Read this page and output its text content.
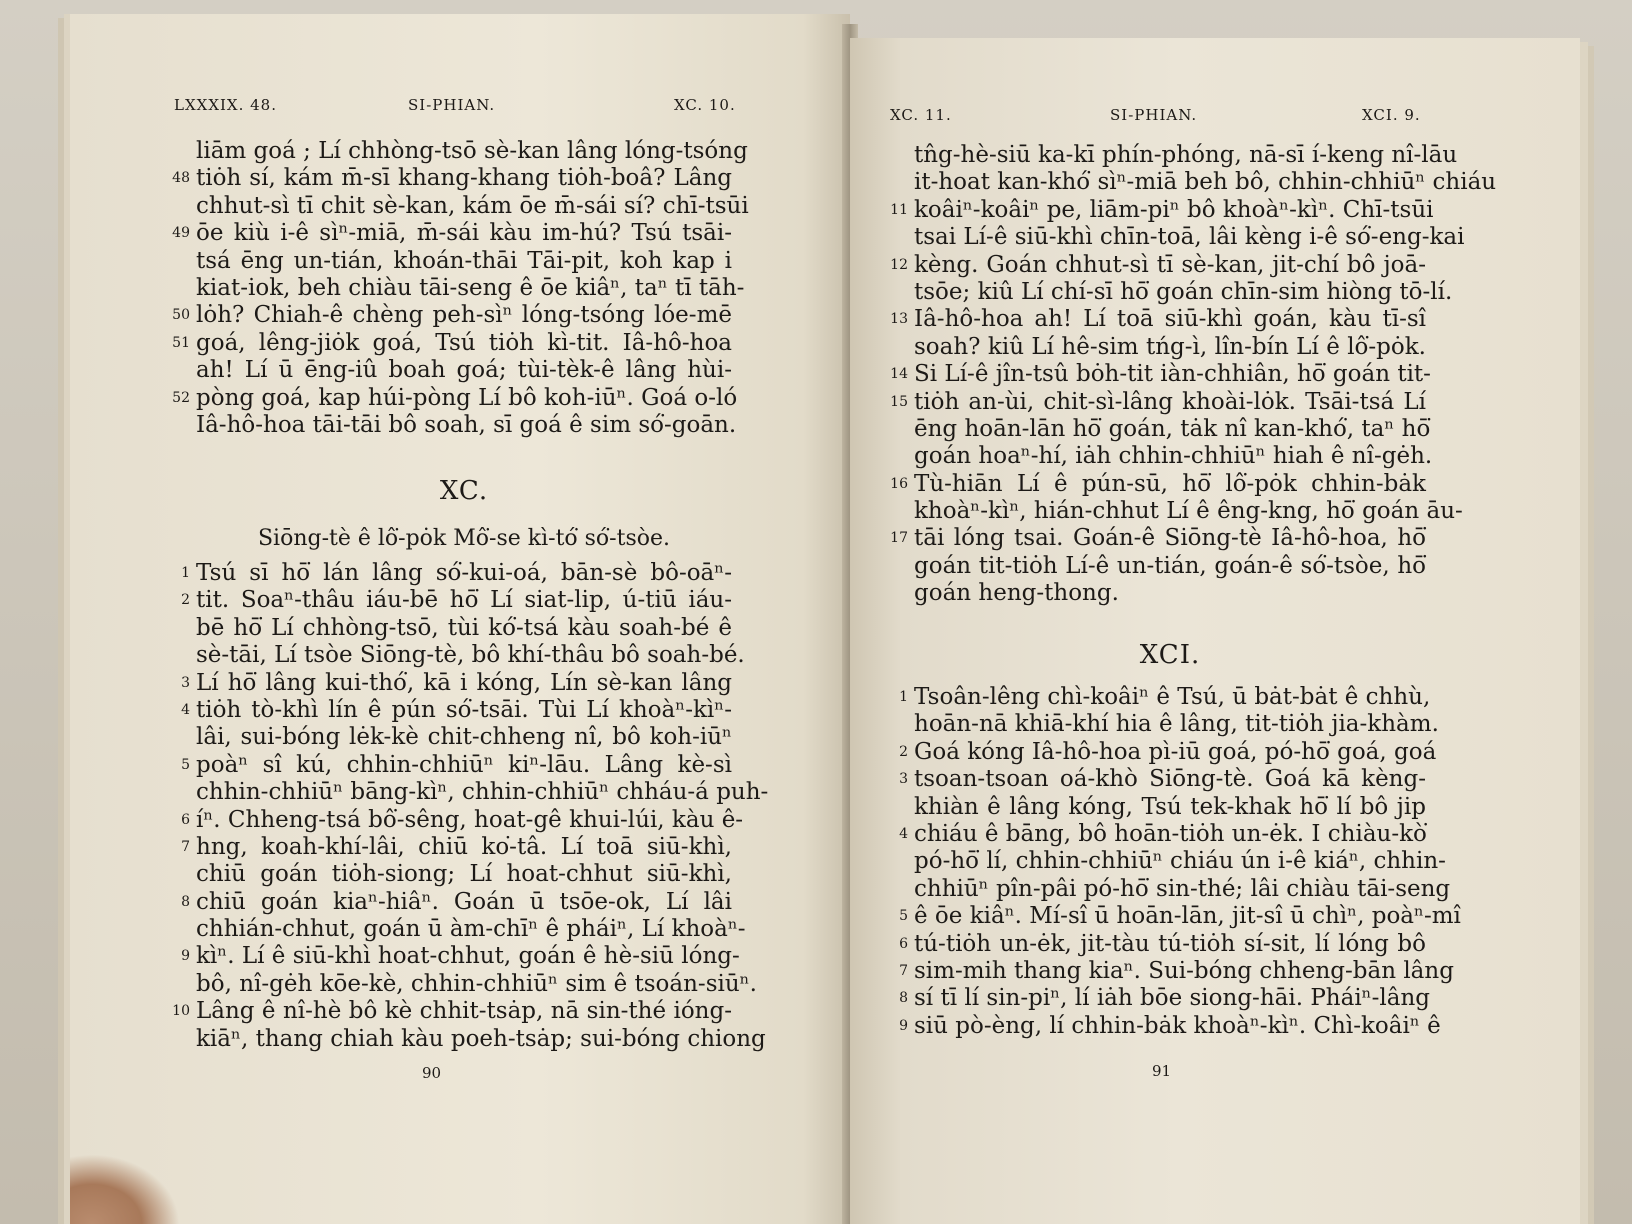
LXXXIX. 48.	SI-PHIAN.	XC. 10.
liām goá ; Lí chhòng-tsō sè-kan lâng lóng-tsóng
48 tiȯh sí, kám m̄-sī khang-khang tiȯh-boâ? Lâng
chhut-sì tī chit sè-kan, kám ōe m̄-sái sí? chī-tsūi
49 ōe kiù i-ê sìⁿ-miā, m̄-sái kàu im-hú? Tsú tsāi-
tsá ēng un-tián, khoán-thāi Tāi-pit, koh kap i
kiat-iok, beh chiàu tāi-seng ê ōe kiâⁿ, taⁿ tī tāh-
50 lȯh? Chiah-ê chèng peh-sìⁿ lóng-tsóng lóe-mē
51 goá, lêng-jiȯk goá, Tsú tiȯh kì-tit. Iâ-hô-hoa
ah! Lí ū ēng-iû boah goá; tùi-tèk-ê lâng hùi-
52 pòng goá, kap húi-pòng Lí bô koh-iūⁿ. Goá o-ló
Iâ-hô-hoa tāi-tāi bô soah, sī goá ê sim só͘-goān.
XC.
Siōng-tè ê lô͘-pȯk Mô͘-se kì-tó͘ só͘-tsòe.
1 Tsú sī hō͘ lán lâng só͘-kui-oá, bān-sè bô-oāⁿ-
2 tit. Soaⁿ-thâu iáu-bē hō͘ Lí siat-lip, ú-tiū iáu-
bē hō͘ Lí chhòng-tsō, tùi kó͘-tsá kàu soah-bé ê
sè-tāi, Lí tsòe Siōng-tè, bô khí-thâu bô soah-bé.
3 Lí hō͘ lâng kui-thó͘, kā i kóng, Lín sè-kan lâng
4 tiȯh tò-khì lín ê pún só͘-tsāi. Tùi Lí khoàⁿ-kìⁿ-
lâi, sui-bóng lėk-kè chit-chheng nî, bô koh-iūⁿ
5 poàⁿ sî kú, chhin-chhiūⁿ kiⁿ-lāu. Lâng kè-sì
chhin-chhiūⁿ bāng-kìⁿ, chhin-chhiūⁿ chháu-á puh-
6 íⁿ. Chheng-tsá bô͘-sêng, hoat-gê khui-lúi, kàu ê-
7 hng, koah-khí-lâi, chiū ko͘-tâ. Lí toā siū-khì,
chiū goán tiȯh-siong; Lí hoat-chhut siū-khì,
8 chiū goán kiaⁿ-hiâⁿ. Goán ū tsōe-ok, Lí lâi
chhián-chhut, goán ū àm-chīⁿ ê pháiⁿ, Lí khoàⁿ-
9 kìⁿ. Lí ê siū-khì hoat-chhut, goán ê hè-siū lóng-
bô, nî-gėh kōe-kè, chhin-chhiūⁿ sim ê tsoán-siūⁿ.
10 Lâng ê nî-hè bô kè chhit-tsȧp, nā sin-thé ióng-
kiāⁿ, thang chiah kàu poeh-tsȧp; sui-bóng chiong
90
XC. 11.	SI-PHIAN.	XCI. 9.
tn̂g-hè-siū ka-kī phín-phóng, nā-sī í-keng nî-lāu
it-hoat kan-khó͘ sìⁿ-miā beh bô, chhin-chhiūⁿ chiáu
11 koâiⁿ-koâiⁿ pe, liām-piⁿ bô khoàⁿ-kìⁿ. Chī-tsūi
tsai Lí-ê siū-khì chīn-toā, lâi kèng i-ê só͘-eng-kai
12 kèng. Goán chhut-sì tī sè-kan, jit-chí bô joā-
tsōe; kiû Lí chí-sī hō͘ goán chīn-sim hiòng tō-lí.
13 Iâ-hô-hoa ah! Lí toā siū-khì goán, kàu tī-sî
soah? kiû Lí hê-sim tńg-ì, lîn-bín Lí ê lô͘-pȯk.
14 Si Lí-ê jîn-tsû bȯh-tit iàn-chhiân, hō͘ goán tit-
15 tiȯh an-ùi, chit-sì-lâng khoài-lȯk. Tsāi-tsá Lí
ēng hoān-lān hō͘ goán, tȧk nî kan-khó͘, taⁿ hō͘
goán hoaⁿ-hí, iȧh chhin-chhiūⁿ hiah ê nî-gėh.
16 Tù-hiān Lí ê pún-sū, hō͘ lô͘-pȯk chhin-bȧk
khoàⁿ-kìⁿ, hián-chhut Lí ê êng-kng, hō͘ goán āu-
17 tāi lóng tsai. Goán-ê Siōng-tè Iâ-hô-hoa, hō͘
goán tit-tiȯh Lí-ê un-tián, goán-ê só͘-tsòe, hō͘
goán heng-thong.
XCI.
1 Tsoân-lêng chì-koâiⁿ ê Tsú, ū bȧt-bȧt ê chhù,
hoān-nā khiā-khí hia ê lâng, tit-tiȯh jia-khàm.
2 Goá kóng Iâ-hô-hoa pì-iū goá, pó-hō͘ goá, goá
3 tsoan-tsoan oá-khò Siōng-tè. Goá kā kèng-
khiàn ê lâng kóng, Tsú tek-khak hō͘ lí bô jip
4 chiáu ê bāng, bô hoān-tiȯh un-ėk. I chiàu-kò͘
pó-hō͘ lí, chhin-chhiūⁿ chiáu ún i-ê kiáⁿ, chhin-
chhiūⁿ pîn-pâi pó-hō͘ sin-thé; lâi chiàu tāi-seng
5 ê ōe kiâⁿ. Mí-sî ū hoān-lān, jit-sî ū chìⁿ, poàⁿ-mî
6 tú-tiȯh un-ėk, jit-tàu tú-tiȯh sí-sit, lí lóng bô
7 sim-mih thang kiaⁿ. Sui-bóng chheng-bān lâng
8 sí tī lí sin-piⁿ, lí iȧh bōe siong-hāi. Pháiⁿ-lâng
9 siū pò-èng, lí chhin-bȧk khoàⁿ-kìⁿ. Chì-koâiⁿ ê
91
